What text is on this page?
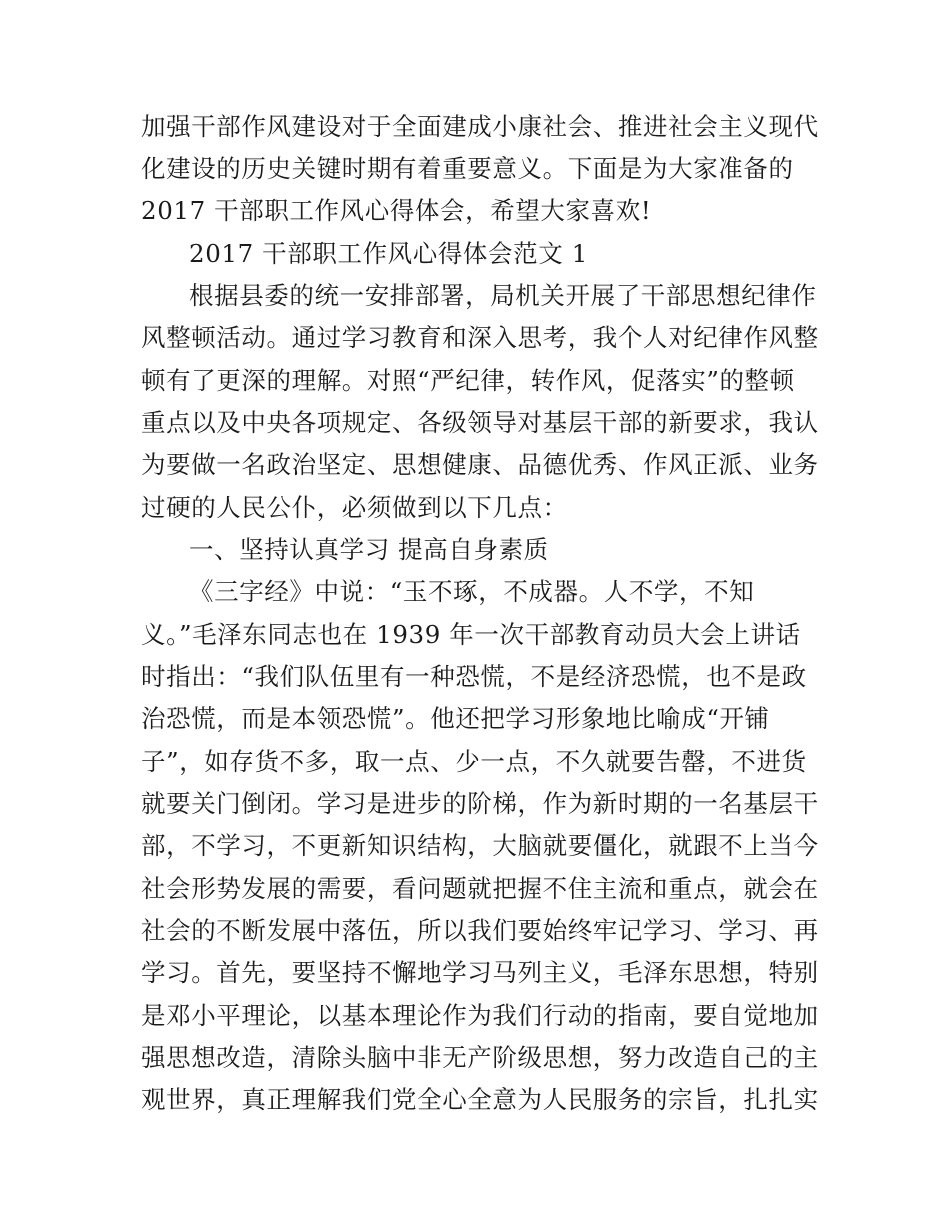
加强干部作风建设对于全面建成小康社会、推进社会主义现代
化建设的历史关键时期有着重要意义。下面是为大家准备的
2017 干部职工作风心得体会，希望大家喜欢!
2017 干部职工作风心得体会范文 1
根据县委的统一安排部署，局机关开展了干部思想纪律作
风整顿活动。通过学习教育和深入思考，我个人对纪律作风整
顿有了更深的理解。对照“严纪律，转作风，促落实”的整顿
重点以及中央各项规定、各级领导对基层干部的新要求，我认
为要做一名政治坚定、思想健康、品德优秀、作风正派、业务
过硬的人民公仆，必须做到以下几点：
一、坚持认真学习 提高自身素质
《三字经》中说：“玉不琢，不成器。人不学，不知
义。”毛泽东同志也在 1939 年一次干部教育动员大会上讲话
时指出：“我们队伍里有一种恐慌，不是经济恐慌，也不是政
治恐慌，而是本领恐慌”。他还把学习形象地比喻成“开铺
子”，如存货不多，取一点、少一点，不久就要告罄，不进货
就要关门倒闭。学习是进步的阶梯，作为新时期的一名基层干
部，不学习，不更新知识结构，大脑就要僵化，就跟不上当今
社会形势发展的需要，看问题就把握不住主流和重点，就会在
社会的不断发展中落伍，所以我们要始终牢记学习、学习、再
学习。首先，要坚持不懈地学习马列主义，毛泽东思想，特别
是邓小平理论，以基本理论作为我们行动的指南，要自觉地加
强思想改造，清除头脑中非无产阶级思想，努力改造自己的主
观世界，真正理解我们党全心全意为人民服务的宗旨，扎扎实
